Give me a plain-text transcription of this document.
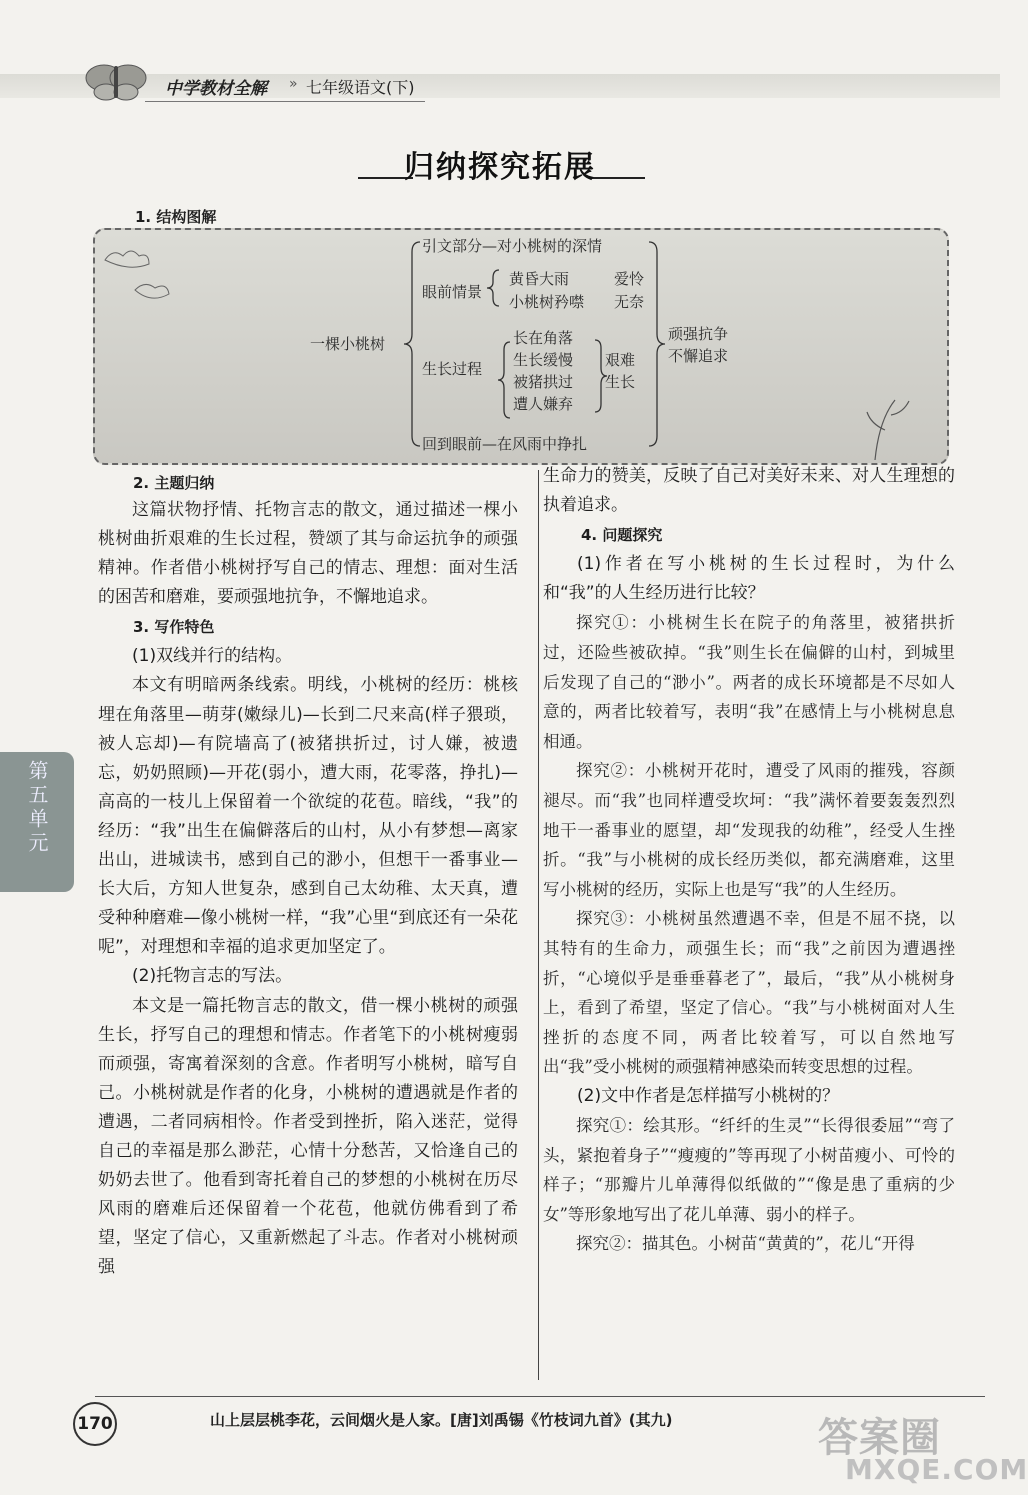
中学教材全解 » 七年级语文(下)
归纳探究拓展
1. 结构图解
一棵小桃树
引文部分—对小桃树的深情
眼前情景
黄昏大雨
小桃树矜噤
爱怜
无奈
生长过程
长在角落
生长缓慢
被猪拱过
遭人嫌弃
艰难
生长
回到眼前—在风雨中挣扎
顽强抗争
不懈追求
2. 主题归纳

这篇状物抒情、托物言志的散文，通过描述一棵小桃树曲折艰难的生长过程，赞颂了其与命运抗争的顽强精神。作者借小桃树抒写自己的情志、理想：面对生活的困苦和磨难，要顽强地抗争，不懈地追求。

3. 写作特色

(1)双线并行的结构。

本文有明暗两条线索。明线，小桃树的经历：桃核埋在角落里—萌芽(嫩绿儿)—长到二尺来高(样子猥琐，被人忘却)—有院墙高了(被猪拱折过，讨人嫌，被遗忘，奶奶照顾)—开花(弱小，遭大雨，花零落，挣扎)—高高的一枝儿上保留着一个欲绽的花苞。暗线，“我”的经历：“我”出生在偏僻落后的山村，从小有梦想—离家出山，进城读书，感到自己的渺小，但想干一番事业—长大后，方知人世复杂，感到自己太幼稚、太天真，遭受种种磨难—像小桃树一样，“我”心里“到底还有一朵花呢”，对理想和幸福的追求更加坚定了。

(2)托物言志的写法。

本文是一篇托物言志的散文，借一棵小桃树的顽强生长，抒写自己的理想和情志。作者笔下的小桃树瘦弱而顽强，寄寓着深刻的含意。作者明写小桃树，暗写自己。小桃树就是作者的化身，小桃树的遭遇就是作者的遭遇，二者同病相怜。作者受到挫折，陷入迷茫，觉得自己的幸福是那么渺茫，心情十分愁苦，又恰逢自己的奶奶去世了。他看到寄托着自己的梦想的小桃树在历尽风雨的磨难后还保留着一个花苞，他就仿佛看到了希望，坚定了信心，又重新燃起了斗志。作者对小桃树顽强

生命力的赞美，反映了自己对美好未来、对人生理想的执着追求。

4. 问题探究

(1)作者在写小桃树的生长过程时，为什么和“我”的人生经历进行比较？

探究①：小桃树生长在院子的角落里，被猪拱折过，还险些被砍掉。“我”则生长在偏僻的山村，到城里后发现了自己的“渺小”。两者的成长环境都是不尽如人意的，两者比较着写，表明“我”在感情上与小桃树息息相通。

探究②：小桃树开花时，遭受了风雨的摧残，容颜褪尽。而“我”也同样遭受坎坷：“我”满怀着要轰轰烈烈地干一番事业的愿望，却“发现我的幼稚”，经受人生挫折。“我”与小桃树的成长经历类似，都充满磨难，这里写小桃树的经历，实际上也是写“我”的人生经历。

探究③：小桃树虽然遭遇不幸，但是不屈不挠，以其特有的生命力，顽强生长；而“我”之前因为遭遇挫折，“心境似乎是垂垂暮老了”，最后，“我”从小桃树身上，看到了希望，坚定了信心。“我”与小桃树面对人生挫折的态度不同，两者比较着写，可以自然地写出“我”受小桃树的顽强精神感染而转变思想的过程。

(2)文中作者是怎样描写小桃树的？

探究①：绘其形。“纤纤的生灵”“长得很委屈”“弯了头，紧抱着身子”“瘦瘦的”等再现了小树苗瘦小、可怜的样子；“那瓣片儿单薄得似纸做的”“像是患了重病的少女”等形象地写出了花儿单薄、弱小的样子。

探究②：描其色。小树苗“黄黄的”，花儿“开得

第五单元
170	山上层层桃李花，云间烟火是人家。[唐]刘禹锡《竹枝词九首》(其九)	答案圈
MXQE.COM
